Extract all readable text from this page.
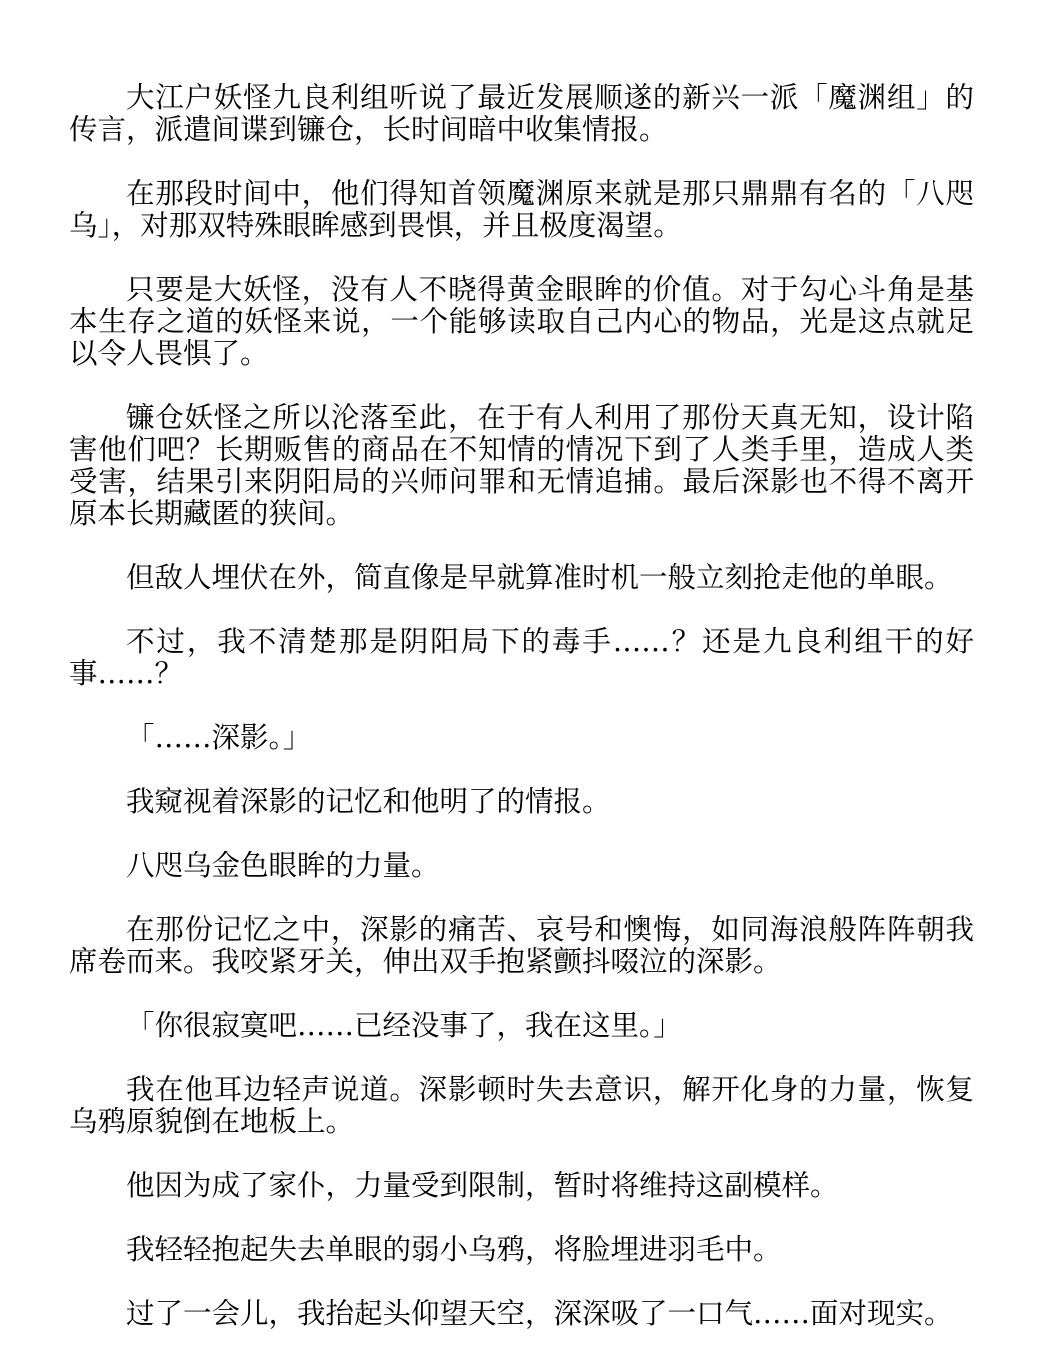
大江户妖怪九良利组听说了最近发展顺遂的新兴一派「魔渊组」的传言，派遣间谍到镰仓，长时间暗中收集情报。

在那段时间中，他们得知首领魔渊原来就是那只鼎鼎有名的「八咫乌」，对那双特殊眼眸感到畏惧，并且极度渴望。

只要是大妖怪，没有人不晓得黄金眼眸的价值。对于勾心斗角是基本生存之道的妖怪来说，一个能够读取自己内心的物品，光是这点就足以令人畏惧了。

镰仓妖怪之所以沦落至此，在于有人利用了那份天真无知，设计陷害他们吧？长期贩售的商品在不知情的情况下到了人类手里，造成人类受害，结果引来阴阳局的兴师问罪和无情追捕。最后深影也不得不离开原本长期藏匿的狭间。

但敌人埋伏在外，简直像是早就算准时机一般立刻抢走他的单眼。

不过，我不清楚那是阴阳局下的毒手……？还是九良利组干的好事……？

「……深影。」

我窥视着深影的记忆和他明了的情报。

八咫乌金色眼眸的力量。

在那份记忆之中，深影的痛苦、哀号和懊悔，如同海浪般阵阵朝我席卷而来。我咬紧牙关，伸出双手抱紧颤抖啜泣的深影。

「你很寂寞吧……已经没事了，我在这里。」

我在他耳边轻声说道。深影顿时失去意识，解开化身的力量，恢复乌鸦原貌倒在地板上。

他因为成了家仆，力量受到限制，暂时将维持这副模样。

我轻轻抱起失去单眼的弱小乌鸦，将脸埋进羽毛中。

过了一会儿，我抬起头仰望天空，深深吸了一口气……面对现实。
